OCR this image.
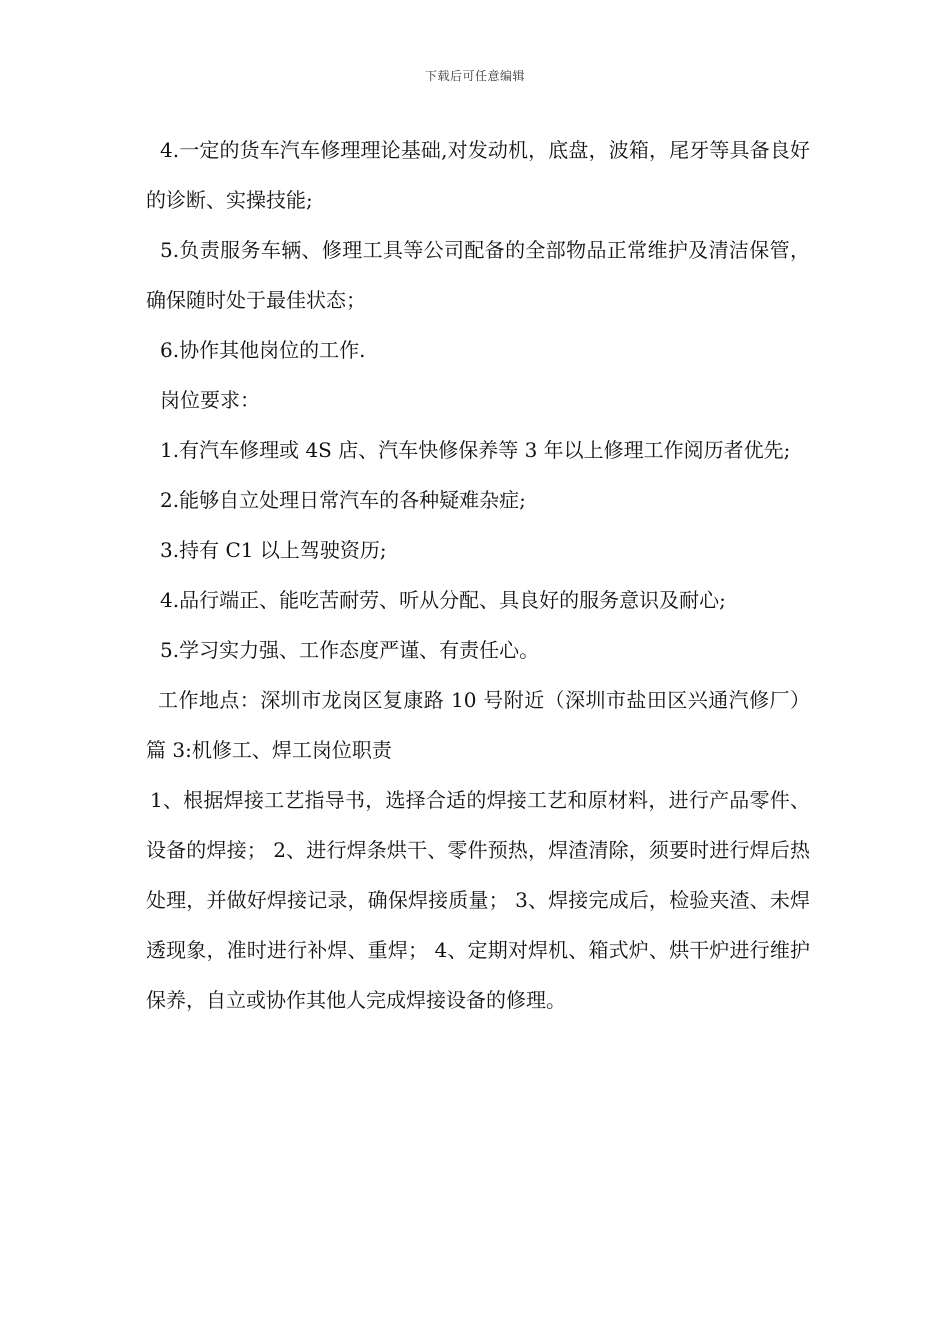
下载后可任意编辑

4.一定的货车汽车修理理论基础,对发动机，底盘，波箱，尾牙等具备良好的诊断、实操技能;

5.负责服务车辆、修理工具等公司配备的全部物品正常维护及清洁保管，确保随时处于最佳状态；

6.协作其他岗位的工作.

岗位要求：

1.有汽车修理或 4S 店、汽车快修保养等 3 年以上修理工作阅历者优先;

2.能够自立处理日常汽车的各种疑难杂症;

3.持有 C1 以上驾驶资历;

4.品行端正、能吃苦耐劳、听从分配、具良好的服务意识及耐心;

5.学习实力强、工作态度严谨、有责任心。

工作地点：深圳市龙岗区复康路 10 号附近（深圳市盐田区兴通汽修厂）篇 3:机修工、焊工岗位职责

1、根据焊接工艺指导书，选择合适的焊接工艺和原材料，进行产品零件、设备的焊接； 2、进行焊条烘干、零件预热，焊渣清除，须要时进行焊后热处理，并做好焊接记录，确保焊接质量； 3、焊接完成后，检验夹渣、未焊透现象，准时进行补焊、重焊； 4、定期对焊机、箱式炉、烘干炉进行维护保养，自立或协作其他人完成焊接设备的修理。
